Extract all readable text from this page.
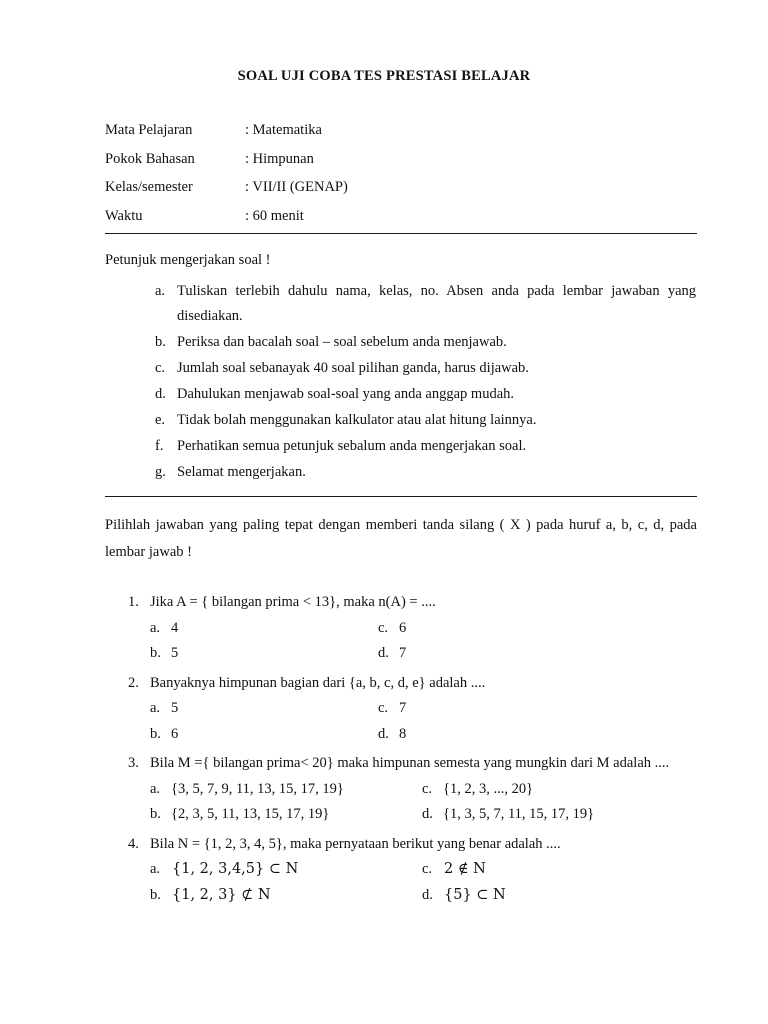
SOAL UJI COBA TES PRESTASI BELAJAR
Mata Pelajaran	: Matematika
Pokok Bahasan	: Himpunan
Kelas/semester	: VII/II (GENAP)
Waktu	: 60 menit
Petunjuk mengerjakan soal !
a. Tuliskan terlebih dahulu nama, kelas, no. Absen anda pada lembar jawaban yang disediakan.
b. Periksa dan bacalah soal – soal sebelum anda menjawab.
c. Jumlah soal sebanayak 40 soal pilihan ganda, harus dijawab.
d. Dahulukan menjawab soal-soal yang anda anggap mudah.
e. Tidak bolah menggunakan kalkulator atau alat hitung lainnya.
f. Perhatikan semua petunjuk sebalum anda mengerjakan soal.
g. Selamat mengerjakan.
Pilihlah jawaban yang paling tepat dengan memberi tanda silang ( X ) pada huruf a, b, c, d, pada lembar jawab !
1. Jika A = { bilangan prima < 13}, maka n(A) = ....
a. 4	c. 6
b. 5	d. 7
2. Banyaknya himpunan bagian dari {a, b, c, d, e} adalah ....
a. 5	c. 7
b. 6	d. 8
3. Bila M ={ bilangan prima< 20} maka himpunan semesta yang mungkin dari M adalah ....
a. {3, 5, 7, 9, 11, 13, 15, 17, 19}	c. {1, 2, 3, ..., 20}
b. {2, 3, 5, 11, 13, 15, 17, 19}	d. {1, 3, 5, 7, 11, 15, 17, 19}
4. Bila N = {1, 2, 3, 4, 5}, maka pernyataan berikut yang benar adalah ....
a. {1, 2, 3,4,5} ⊂ N	c. 2 ∉ N
b. {1, 2, 3} ⊄ N	d. {5} ⊂ N
